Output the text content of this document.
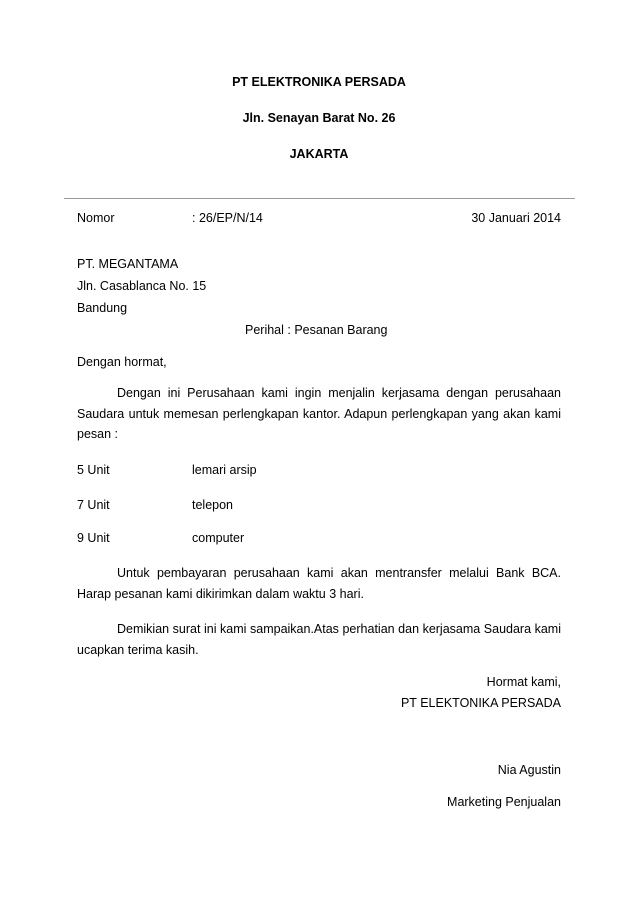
PT ELEKTRONIKA PERSADA
Jln. Senayan Barat No. 26
JAKARTA
Nomor	: 26/EP/N/14	30 Januari 2014
PT. MEGANTAMA
Jln. Casablanca No. 15
Bandung
Perihal : Pesanan Barang
Dengan hormat,
Dengan ini Perusahaan kami ingin menjalin kerjasama dengan perusahaan Saudara untuk memesan perlengkapan kantor. Adapun perlengkapan yang akan kami pesan :
5 Unit	lemari arsip
7 Unit	telepon
9 Unit	computer
Untuk pembayaran perusahaan kami akan mentransfer melalui Bank BCA. Harap pesanan kami dikirimkan dalam waktu 3 hari.
Demikian surat ini kami sampaikan.Atas perhatian dan kerjasama Saudara kami ucapkan terima kasih.
Hormat kami,
PT ELEKTONIKA PERSADA
Nia Agustin
Marketing Penjualan
